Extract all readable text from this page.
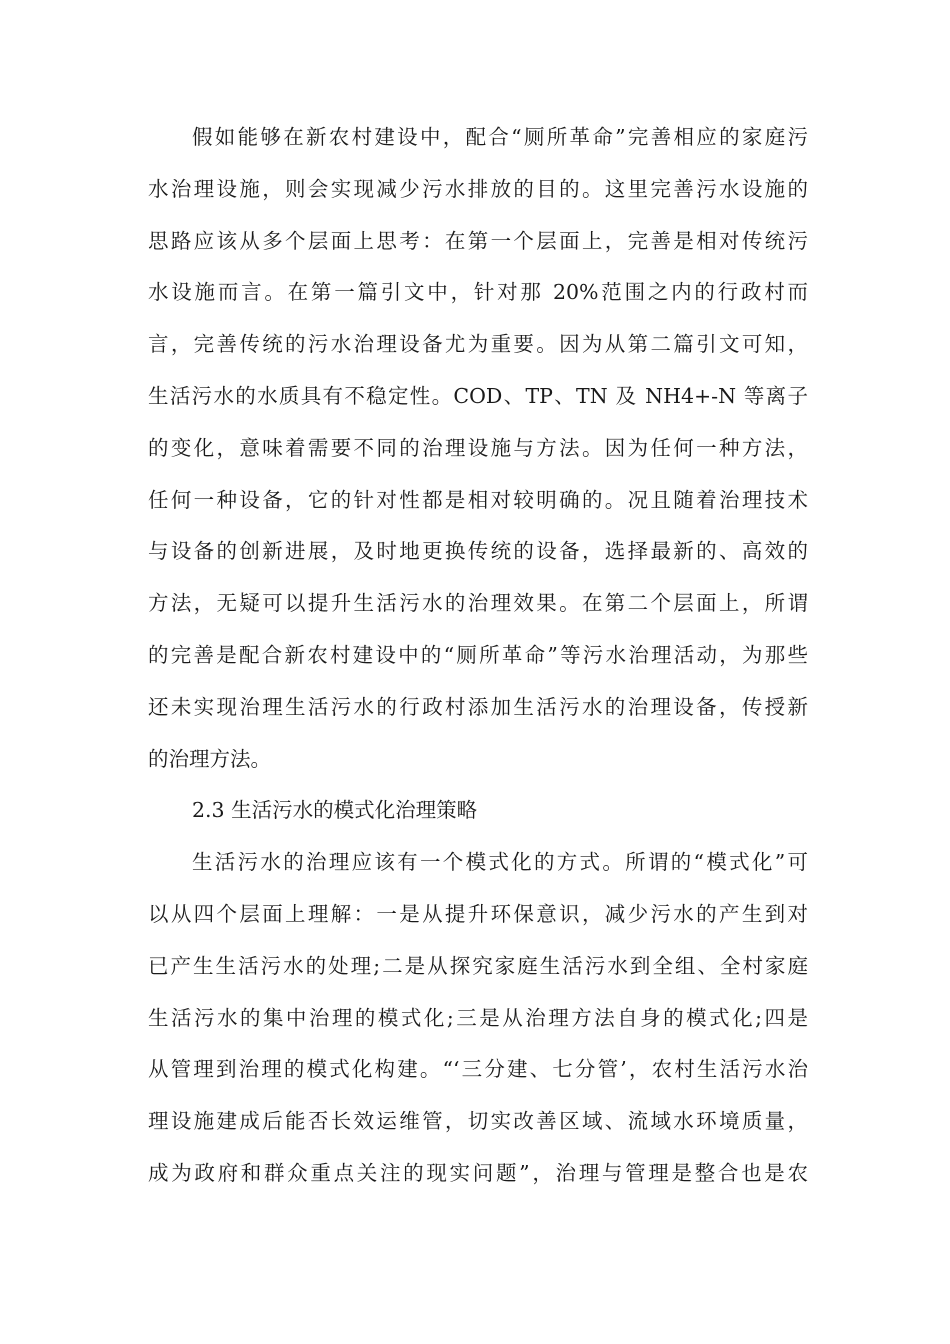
假如能够在新农村建设中，配合“厕所革命”完善相应的家庭污
水治理设施，则会实现减少污水排放的目的。这里完善污水设施的
思路应该从多个层面上思考：在第一个层面上，完善是相对传统污
水设施而言。在第一篇引文中，针对那 20%范围之内的行政村而
言，完善传统的污水治理设备尤为重要。因为从第二篇引文可知，
生活污水的水质具有不稳定性。COD、TP、TN 及 NH4+-N 等离子
的变化，意味着需要不同的治理设施与方法。因为任何一种方法，
任何一种设备，它的针对性都是相对较明确的。况且随着治理技术
与设备的创新进展，及时地更换传统的设备，选择最新的、高效的
方法，无疑可以提升生活污水的治理效果。在第二个层面上，所谓
的完善是配合新农村建设中的“厕所革命”等污水治理活动，为那些
还未实现治理生活污水的行政村添加生活污水的治理设备，传授新
的治理方法。
2.3 生活污水的模式化治理策略
生活污水的治理应该有一个模式化的方式。所谓的“模式化”可
以从四个层面上理解：一是从提升环保意识，减少污水的产生到对
已产生生活污水的处理;二是从探究家庭生活污水到全组、全村家庭
生活污水的集中治理的模式化;三是从治理方法自身的模式化;四是
从管理到治理的模式化构建。“‘三分建、七分管’，农村生活污水治
理设施建成后能否长效运维管，切实改善区域、流域水环境质量，
成为政府和群众重点关注的现实问题”，治理与管理是整合也是农
